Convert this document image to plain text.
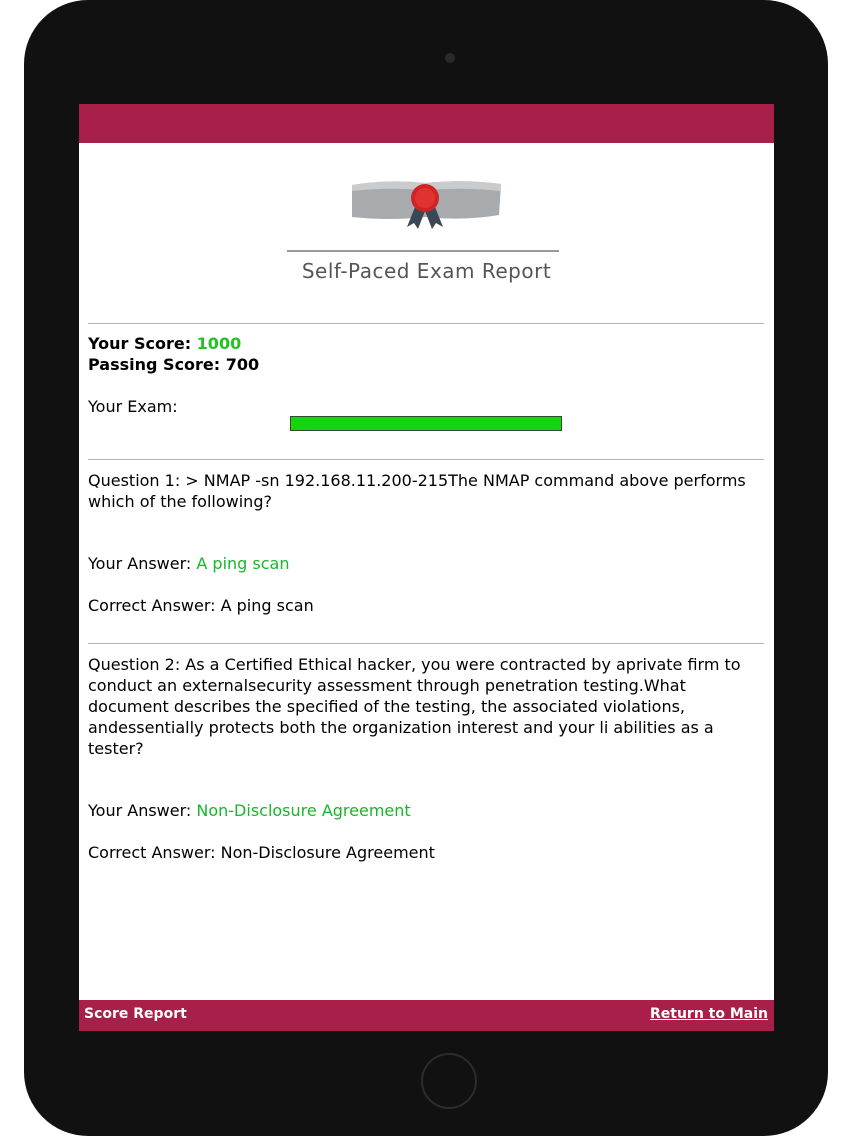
Self-Paced Exam Report
Your Score: 1000
Passing Score: 700
Your Exam:
Question 1: > NMAP -sn 192.168.11.200-215The NMAP command above performs which of the following?
Your Answer: A ping scan
Correct Answer: A ping scan
Question 2: As a Certified Ethical hacker, you were contracted by aprivate firm to conduct an externalsecurity assessment through penetration testing.What document describes the specified of the testing, the associated violations, andessentially protects both the organization interest and your li abilities as a tester?
Your Answer: Non-Disclosure Agreement
Correct Answer: Non-Disclosure Agreement
Score Report	Return to Main
